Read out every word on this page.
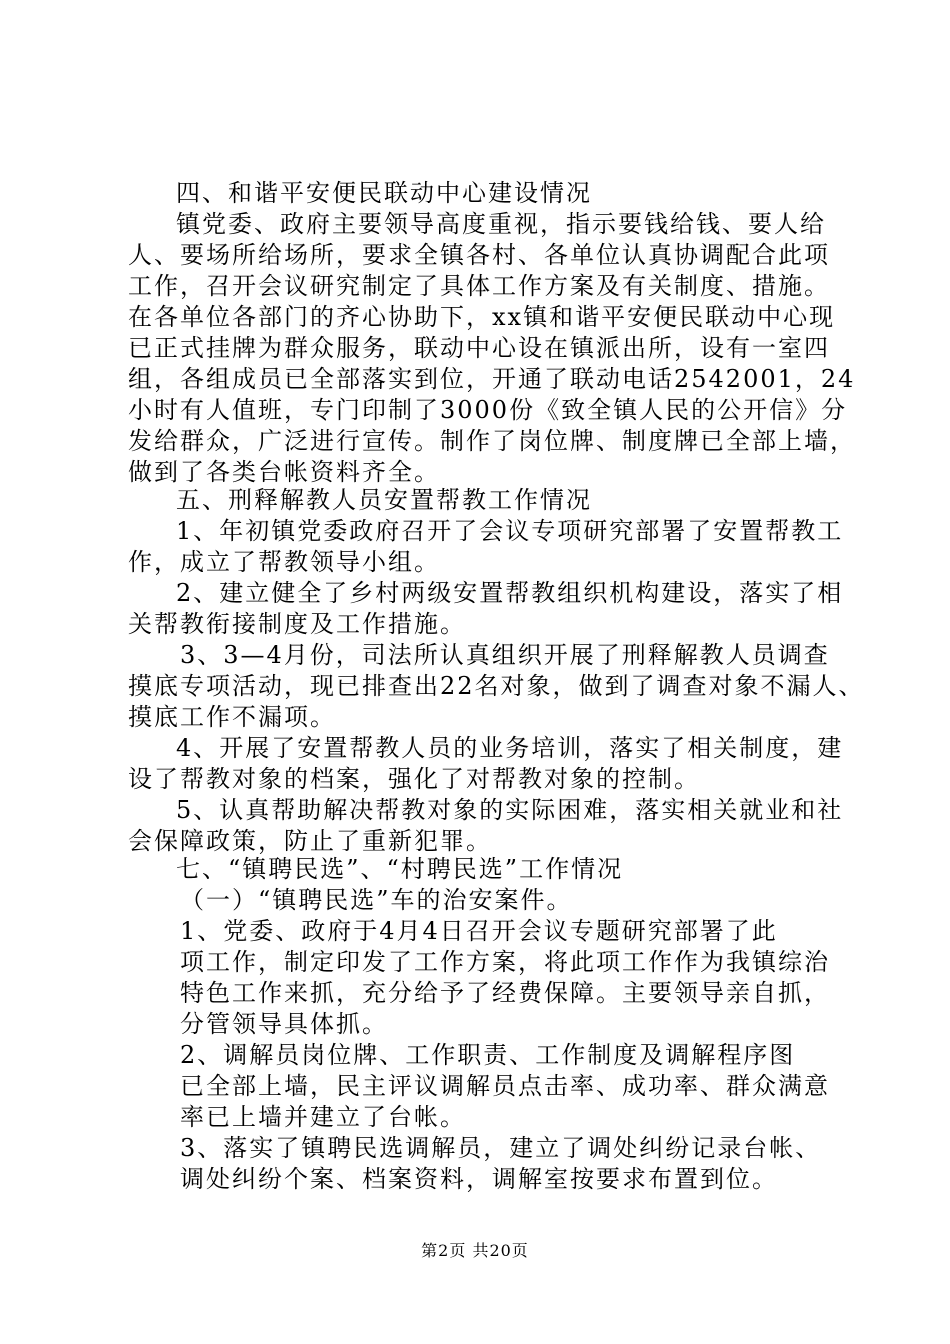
四、和谐平安便民联动中心建设情况
镇党委、政府主要领导高度重视，指示要钱给钱、要人给
人、要场所给场所，要求全镇各村、各单位认真协调配合此项
工作，召开会议研究制定了具体工作方案及有关制度、措施。
在各单位各部门的齐心协助下，xx镇和谐平安便民联动中心现
已正式挂牌为群众服务，联动中心设在镇派出所，设有一室四
组，各组成员已全部落实到位，开通了联动电话2542001，24
小时有人值班，专门印制了3000份《致全镇人民的公开信》分
发给群众，广泛进行宣传。制作了岗位牌、制度牌已全部上墙，
做到了各类台帐资料齐全。
五、刑释解教人员安置帮教工作情况
1、年初镇党委政府召开了会议专项研究部署了安置帮教工
作，成立了帮教领导小组。
2、建立健全了乡村两级安置帮教组织机构建设，落实了相
关帮教衔接制度及工作措施。
3、3—4月份，司法所认真组织开展了刑释解教人员调查
摸底专项活动，现已排查出22名对象，做到了调查对象不漏人、
摸底工作不漏项。
4、开展了安置帮教人员的业务培训，落实了相关制度，建
设了帮教对象的档案，强化了对帮教对象的控制。
5、认真帮助解决帮教对象的实际困难，落实相关就业和社
会保障政策，防止了重新犯罪。
七、“镇聘民选”、“村聘民选”工作情况
（一）“镇聘民选”车的治安案件。
1、党委、政府于4月4日召开会议专题研究部署了此
项工作，制定印发了工作方案，将此项工作作为我镇综治
特色工作来抓，充分给予了经费保障。主要领导亲自抓，
分管领导具体抓。
2、调解员岗位牌、工作职责、工作制度及调解程序图
已全部上墙，民主评议调解员点击率、成功率、群众满意
率已上墙并建立了台帐。
3、落实了镇聘民选调解员，建立了调处纠纷记录台帐、
调处纠纷个案、档案资料，调解室按要求布置到位。
第2页 共20页
